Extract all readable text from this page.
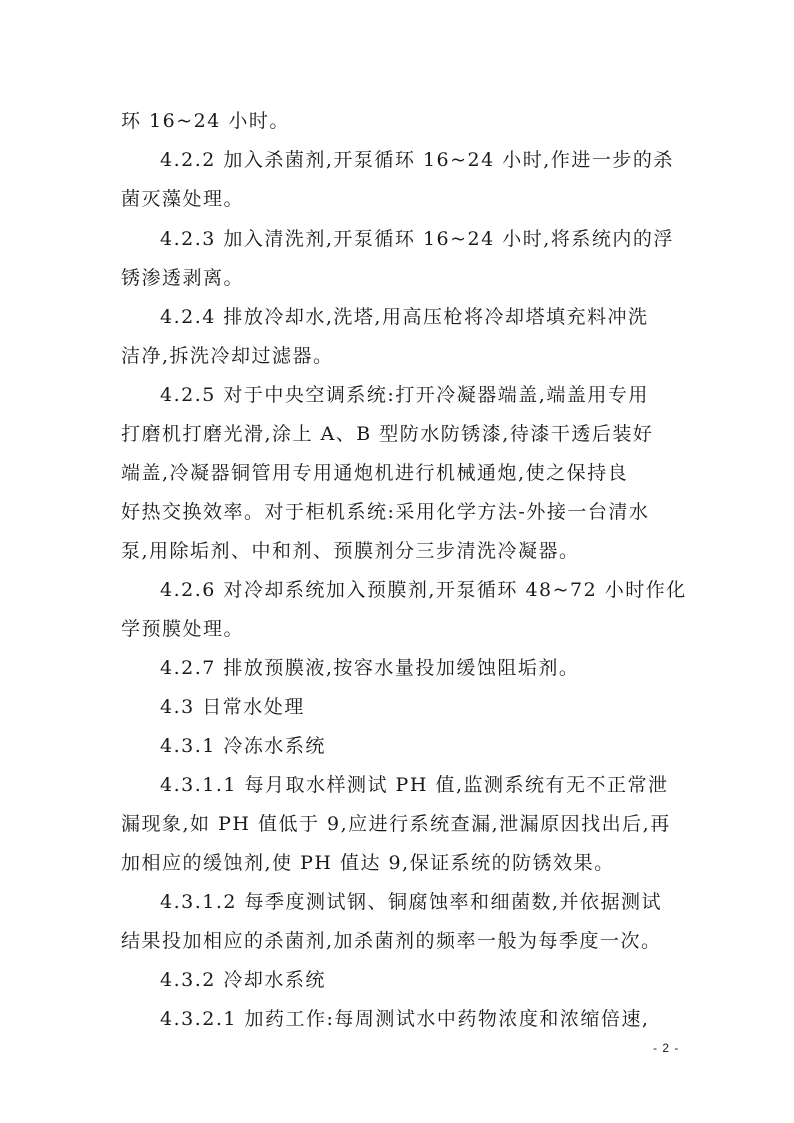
环 16~24 小时。
4.2.2 加入杀菌剂,开泵循环 16~24 小时,作进一步的杀
菌灭藻处理。
4.2.3 加入清洗剂,开泵循环 16~24 小时,将系统内的浮
锈渗透剥离。
4.2.4 排放冷却水,洗塔,用高压枪将冷却塔填充料冲洗
洁净,拆洗冷却过滤器。
4.2.5 对于中央空调系统:打开冷凝器端盖,端盖用专用
打磨机打磨光滑,涂上 A、B 型防水防锈漆,待漆干透后装好
端盖,冷凝器铜管用专用通炮机进行机械通炮,使之保持良
好热交换效率。对于柜机系统:采用化学方法-外接一台清水
泵,用除垢剂、中和剂、预膜剂分三步清洗冷凝器。
4.2.6 对冷却系统加入预膜剂,开泵循环 48~72 小时作化
学预膜处理。
4.2.7 排放预膜液,按容水量投加缓蚀阻垢剂。
4.3 日常水处理
4.3.1 冷冻水系统
4.3.1.1 每月取水样测试 PH 值,监测系统有无不正常泄
漏现象,如 PH 值低于 9,应进行系统查漏,泄漏原因找出后,再
加相应的缓蚀剂,使 PH 值达 9,保证系统的防锈效果。
4.3.1.2 每季度测试钢、铜腐蚀率和细菌数,并依据测试
结果投加相应的杀菌剂,加杀菌剂的频率一般为每季度一次。
4.3.2 冷却水系统
4.3.2.1 加药工作:每周测试水中药物浓度和浓缩倍速,
- 2 -
